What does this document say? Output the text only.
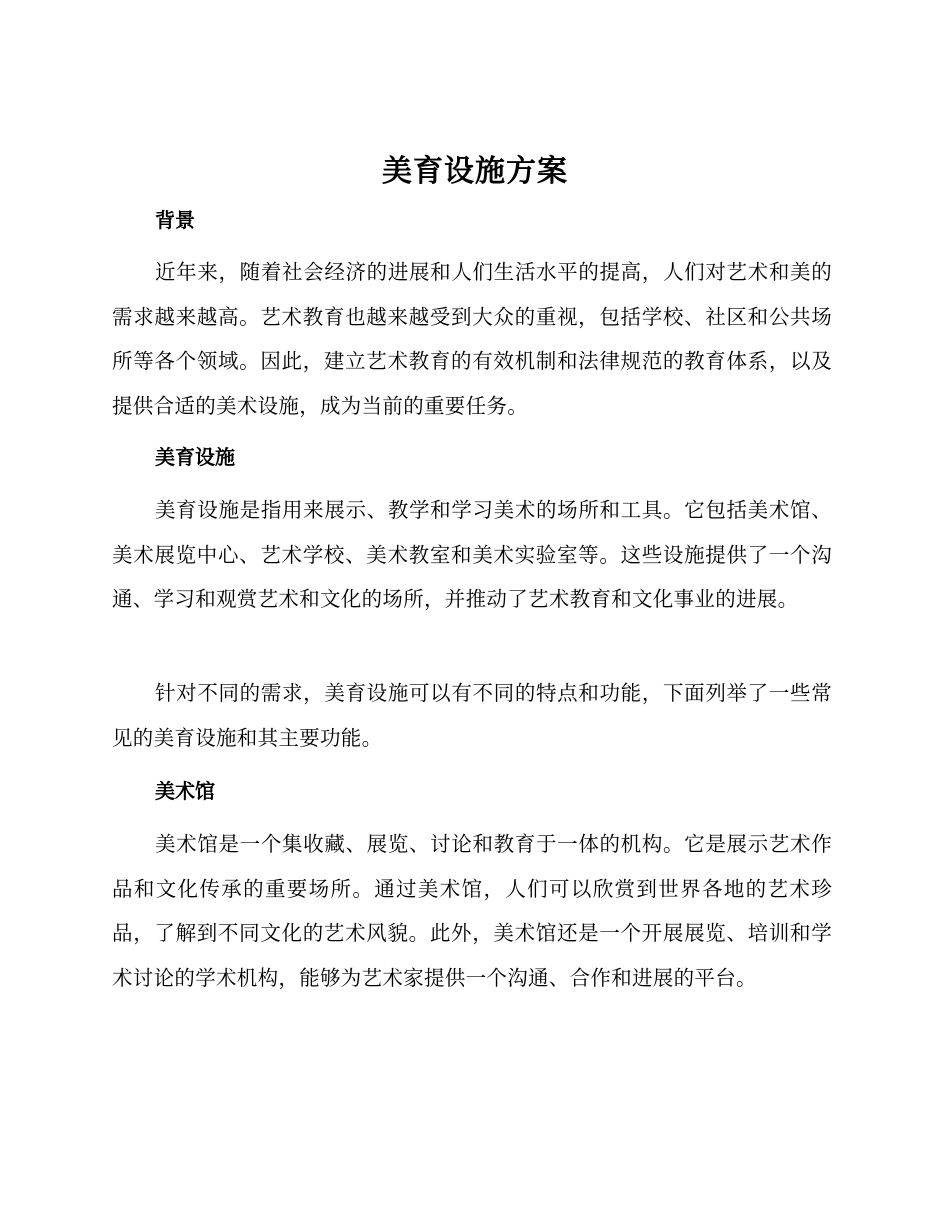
美育设施方案
背景
近年来，随着社会经济的进展和人们生活水平的提高，人们对艺术和美的需求越来越高。艺术教育也越来越受到大众的重视，包括学校、社区和公共场所等各个领域。因此，建立艺术教育的有效机制和法律规范的教育体系，以及提供合适的美术设施，成为当前的重要任务。
美育设施
美育设施是指用来展示、教学和学习美术的场所和工具。它包括美术馆、美术展览中心、艺术学校、美术教室和美术实验室等。这些设施提供了一个沟通、学习和观赏艺术和文化的场所，并推动了艺术教育和文化事业的进展。
针对不同的需求，美育设施可以有不同的特点和功能，下面列举了一些常见的美育设施和其主要功能。
美术馆
美术馆是一个集收藏、展览、讨论和教育于一体的机构。它是展示艺术作品和文化传承的重要场所。通过美术馆，人们可以欣赏到世界各地的艺术珍品，了解到不同文化的艺术风貌。此外，美术馆还是一个开展展览、培训和学术讨论的学术机构，能够为艺术家提供一个沟通、合作和进展的平台。
